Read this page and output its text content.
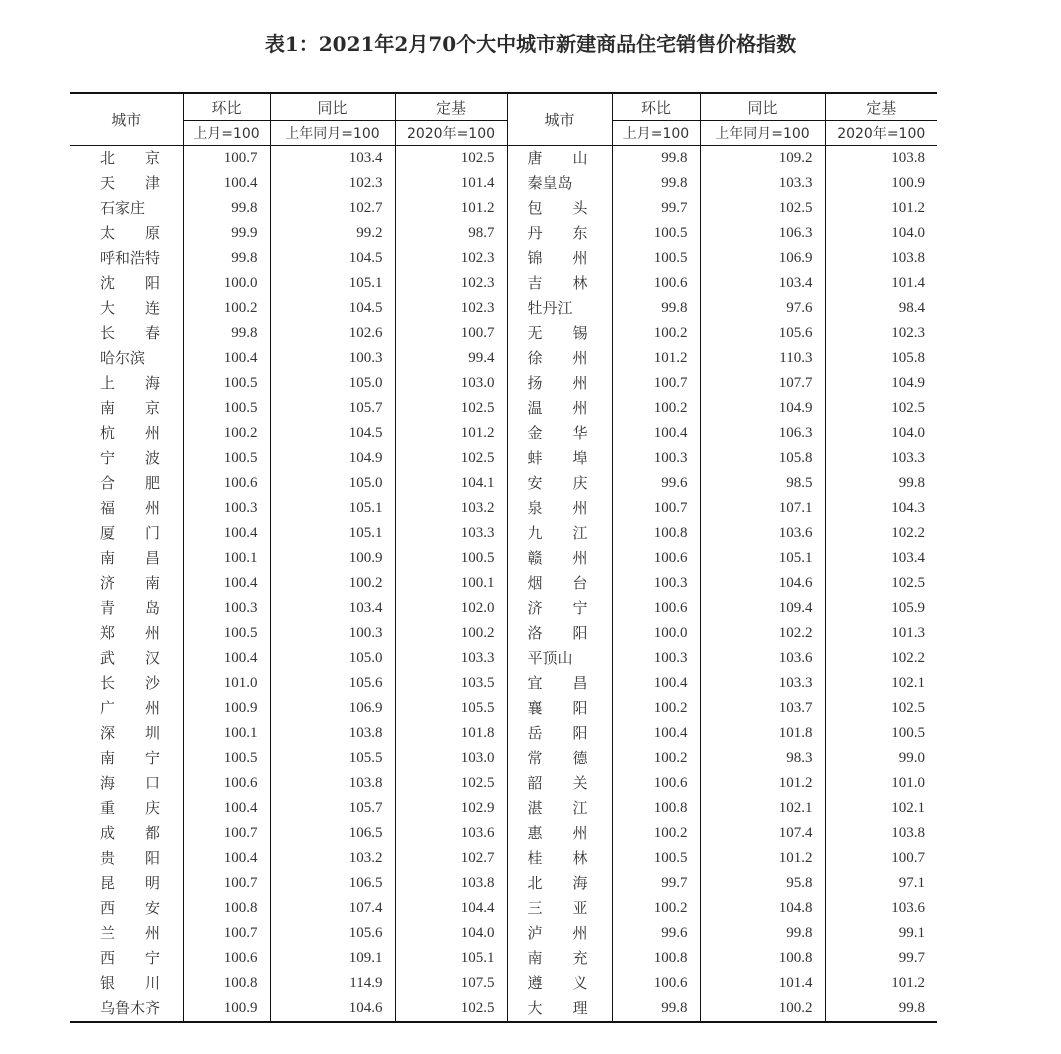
表1：2021年2月70个大中城市新建商品住宅销售价格指数
城市	环比	同比	定基	城市	环比	同比	定基
	上月=100	上年同月=100	2020年=100		上月=100	上年同月=100	2020年=100

北　　京	100.7	103.4	102.5	唐　　山	99.8	109.2	103.8

天　　津	100.4	102.3	101.4	秦皇岛	99.8	103.3	100.9

石家庄	99.8	102.7	101.2	包　　头	99.7	102.5	101.2

太　　原	99.9	99.2	98.7	丹　　东	100.5	106.3	104.0

呼和浩特	99.8	104.5	102.3	锦　　州	100.5	106.9	103.8

沈　　阳	100.0	105.1	102.3	吉　　林	100.6	103.4	101.4

大　　连	100.2	104.5	102.3	牡丹江	99.8	97.6	98.4

长　　春	99.8	102.6	100.7	无　　锡	100.2	105.6	102.3

哈尔滨	100.4	100.3	99.4	徐　　州	101.2	110.3	105.8

上　　海	100.5	105.0	103.0	扬　　州	100.7	107.7	104.9

南　　京	100.5	105.7	102.5	温　　州	100.2	104.9	102.5

杭　　州	100.2	104.5	101.2	金　　华	100.4	106.3	104.0

宁　　波	100.5	104.9	102.5	蚌　　埠	100.3	105.8	103.3

合　　肥	100.6	105.0	104.1	安　　庆	99.6	98.5	99.8

福　　州	100.3	105.1	103.2	泉　　州	100.7	107.1	104.3

厦　　门	100.4	105.1	103.3	九　　江	100.8	103.6	102.2

南　　昌	100.1	100.9	100.5	赣　　州	100.6	105.1	103.4

济　　南	100.4	100.2	100.1	烟　　台	100.3	104.6	102.5

青　　岛	100.3	103.4	102.0	济　　宁	100.6	109.4	105.9

郑　　州	100.5	100.3	100.2	洛　　阳	100.0	102.2	101.3

武　　汉	100.4	105.0	103.3	平顶山	100.3	103.6	102.2

长　　沙	101.0	105.6	103.5	宜　　昌	100.4	103.3	102.1

广　　州	100.9	106.9	105.5	襄　　阳	100.2	103.7	102.5

深　　圳	100.1	103.8	101.8	岳　　阳	100.4	101.8	100.5

南　　宁	100.5	105.5	103.0	常　　德	100.2	98.3	99.0

海　　口	100.6	103.8	102.5	韶　　关	100.6	101.2	101.0

重　　庆	100.4	105.7	102.9	湛　　江	100.8	102.1	102.1

成　　都	100.7	106.5	103.6	惠　　州	100.2	107.4	103.8

贵　　阳	100.4	103.2	102.7	桂　　林	100.5	101.2	100.7

昆　　明	100.7	106.5	103.8	北　　海	99.7	95.8	97.1

西　　安	100.8	107.4	104.4	三　　亚	100.2	104.8	103.6

兰　　州	100.7	105.6	104.0	泸　　州	99.6	99.8	99.1

西　　宁	100.6	109.1	105.1	南　　充	100.8	100.8	99.7

银　　川	100.8	114.9	107.5	遵　　义	100.6	101.4	101.2

乌鲁木齐	100.9	104.6	102.5	大　　理	99.8	100.2	99.8
